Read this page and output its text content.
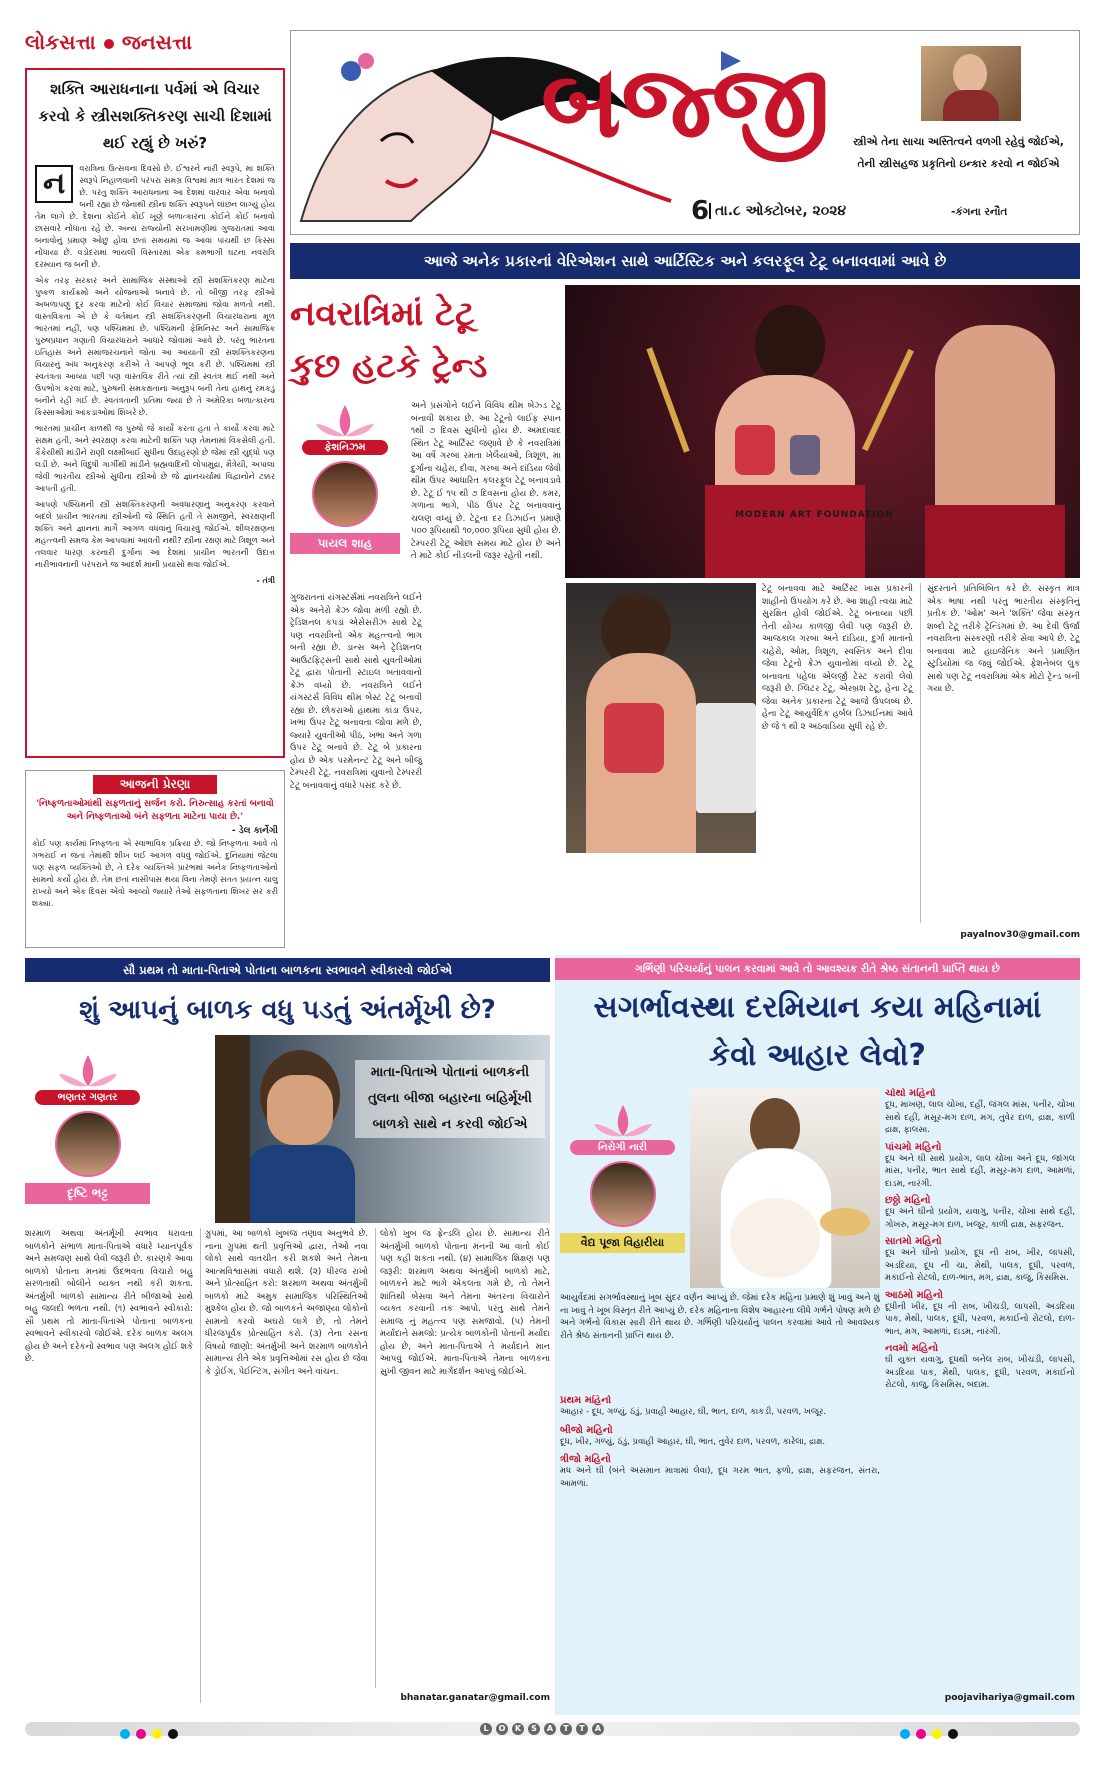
લોકસત્તા જનસત્તા
શક્તિ આરાધનાના પર્વમાં એ વિચાર કરવો કે સ્ત્રીસશક્તિકરણ સાચી દિશામાં થઈ રહ્યું છે ખરું?
ન	વરાત્રિના ઉત્સવના દિવસો છે. ઈશ્વરને નારી સ્વરૂપે, મા શક્તિ સ્વરૂપે નિહાળવાની પરંપરા સમગ્ર વિશ્વમાં માત્ર ભારત દેશમાં જ છે. પરંતુ શક્તિ આરાધનાના આ દેશમાં વારંવાર એવા બનાવો બની રહ્યા છે જેનાથી સ્ત્રીના શક્તિ સ્વરૂપને લાંછન લાગ્યું હોય તેમ લાગે છે. દેશના કોઈને કોઈ ખૂણે બળાત્કારના કોઈને કોઈ બનાવો છાસવારે નોંધાતા રહે છે. અન્ય રાજ્યોની સરખામણીમાં ગુજરાતમાં આવા બનાવોનું પ્રમાણ ઓછું હોવા છતાં સમયમાં જ આવા પાંચથી છ કિસ્સા નોંધાયા છે. વડોદરામાં ભાયલી વિસ્તારમાં એક કમભાગી ઘટના નવરાત્રિ દરમ્યાન જ બની છે.

એક તરફ સરકાર અને સામાજિક સંસ્થાઓ સ્ત્રી સશક્તિકરણ માટેના પુષ્કળ કાર્યક્રમો અને યોજનાઓ બનાવે છે. તો બીજી તરફ સ્ત્રીઓ અબળાપણું દૂર કરવા માટેનો કોઈ વિચાર સમાજમાં જોવા મળતો નથી. વાસ્તવિકતા એ છે કે વર્તમાન સ્ત્રી સશક્તિકરણની વિચારધારાના મૂળ ભારતમાં નહીં, પણ પશ્ચિમમાં છે. પશ્ચિમની ફેમિનિસ્ટ અને સામાજિક પુરુષપ્રધાન ગણાતી વિચારધારાને આધારે જોવામાં આવે છે. પરંતુ ભારતના ઇતિહાસ અને સમાજરચનાને જોતા આ આયાતી સ્ત્રી સશક્તિકરણના વિચારનું અંધ અનુકરણ કરીએ તે આપણે ભૂલ કરી છે. પશ્ચિમમાં સ્ત્રી સ્વતંત્રતા આવ્યા પછી પણ વાસ્તવિક રીતે ત્યાં સ્ત્રી સ્વતંત્ર થઈ નથી અને ઉપભોગ કરવા માટે, પુરુષની સમકક્ષતાના અનુરૂપ બની તેના હાથનું રમકડું બનીને રહી ગઈ છે. સ્વતંત્રતાની પ્રતિમા જ્યાં છે તે અમેરિકા બળાત્કારના કિસ્સાઓમાં આંકડાઓમાં શિખરે છે.

ભારતમાં પ્રાચીન કાળથી જ પુરુષો જે કાર્યો કરતા હતા તે કાર્યો કરવા માટે સક્ષમ હતી, અને સ્વરક્ષણ કરવા માટેની શક્તિ પણ તેમનામાં વિકસેલી હતી. કૈકેયીથી માંડીને રાણી લક્ષ્મીબાઈ સુધીના ઉદાહરણો છે જેમાં સ્ત્રી યુદ્ધો પણ લડી છે. અને વિદુષી ગાર્ગીથી માંડીને બ્રહ્મવાદિની લોપામુદ્રા, મૈત્રેયી, અપાલા જેવી ભારતીય સ્ત્રીઓ સુધીના સ્ત્રીઓ છે જે જ્ઞાનચર્ચામાં વિદ્વાનોને ટક્કર આપતી હતી.

આપણે પશ્ચિમની સ્ત્રી સશક્તિકરણની અવધારણાનું અનુકરણ કરવાને બદલે પ્રાચીન ભારતમાં સ્ત્રીઓની જે સ્થિતિ હતી તે સમજીને, સ્વરક્ષણની શક્તિ અને જ્ઞાનના માર્ગે આગળ વધવાનું વિચારવું જોઈએ. શીલરક્ષણના મહત્ત્વની સમજ કેમ આપવામાં આવતી નથી? સ્ત્રીના રક્ષણ માટે ત્રિશૂળ અને તલવાર ધારણ કરનારી દુર્ગાના આ દેશમાં પ્રાચીન ભારતની ઉદાત્ત નારીભાવનાની પરંપરાને જ આદર્શ માની પ્રયાસો થવા જોઈએ.

- તંત્રી
આજની પ્રેરણા
'નિષ્ફળતાઓમાંથી સફળતાનું સર્જન કરો. નિરુત્સાહ કરતાં બનાવો અને નિષ્ફળતાઓ બંને સફળતા માટેના પાયા છે.'
- ડેલ કાર્નેગી
કોઈ પણ કાર્યમાં નિષ્ફળતા એ સ્વાભાવિક પ્રક્રિયા છે. જો નિષ્ફળતા આવે તો ગભરાઈ ન જતાં તેમાંથી શીખ લઈ આગળ વધવું જોઈએ. દુનિયામાં જેટલા પણ સફળ વ્યક્તિઓ છે, તે દરેક વ્યક્તિએ પ્રારંભમાં અનેક નિષ્ફળતાઓનો સામનો કર્યો હોય છે. તેમ છતાં નાસીપાસ થયા વિના તેમણે સતત પ્રયત્ન ચાલુ રાખ્યો અને એક દિવસ એવો આવ્યો જ્યારે તેઓ સફળતાના શિખર સર કરી શક્યા.
બજ્જી સ્ત્રીએ તેના સાચા અસ્તિત્વને વળગી રહેવું જોઈએ, તેની સ્ત્રીસહજ પ્રકૃતિનો ઇન્કાર કરવો ન જોઈએ
-કંગના રનૌત
6 તા.૮ ઓક્ટોબર, ૨૦૨૪
આજે અનેક પ્રકારનાં વેરિએશન સાથે આર્ટિસ્ટિક અને કલરફૂલ ટેટૂ બનાવવામાં આવે છે
નવરાત્રિમાં ટેટૂ
કુછ હટકે ટ્રેન્ડ
MODERN ART FOUNDATION
ફેશનિઝમ
પાયલ શાહ
ગુજરાતનાં યંગસ્ટર્સમાં નવરાત્રિને લઈને એક અનેરો ક્રેઝ જોવા મળી રહ્યો છે. ટ્રેડિશનલ કપડાં એસેસરીઝ સાથે ટેટૂ પણ નવરાત્રિનો એક મહત્ત્વનો ભાગ બની રહ્યા છે. ડાન્સ અને ટ્રેડિશનલ આઉટફિટ્સની સાથે સાથે યુવતીઓમાં ટેટૂ દ્વારા પોતાની સ્ટાઇલ બતાવવાનો ક્રેઝ વધ્યો છે. નવરાત્રિને લઈને યંગસ્ટર્સ વિવિધ થીમ બેસ્ટ ટેટૂ બનાવી રહ્યા છે. છોકરાઓ હાથમાં કાંડા ઉપર, ખભા ઉપર ટેટૂ બનાવતા જોવા મળે છે, જ્યારે યુવતીઓ પીઠ, ખભા અને ગળા ઉપર ટેટૂ બનાવે છે. ટેટૂ બે પ્રકારના હોય છે એક પરમેનન્ટ ટેટૂ અને બીજું ટેમ્પરરી ટેટૂ. નવરાત્રિમાં યુવાનો ટેમ્પરરી ટેટૂ બનાવવાનું વધારે પસંદ કરે છે.
અને પ્રસંગોને લઈને વિવિધ થીમ બેઝ્ડ ટેટૂ બનાવી શકાય છે. આ ટેટૂનો લાઈફ સ્પાન ૧થી ૭ દિવસ સુધીનો હોય છે. અમદાવાદ સ્થિત ટેટૂ આર્ટિસ્ટ જણાવે છે કે નવરાત્રિમાં આ વર્ષે ગરબા રમતા ખેલૈયાઓ, ત્રિશૂળ, મા દુર્ગાના ચહેરા, દીવા, ગરબા અને દાંડિયા જેવી થીમ ઉપર આધારિત કલરફૂલ ટેટૂ બનાવડાવે છે. ટેટૂ ઈ ૧૫ થી ૭ દિવસના હોય છે. કમર, ગળાના ભાગે, પીઠ ઉપર ટેટૂ બનાવવાનું ચલણ વધ્યું છે. ટેટૂના દર ડિઝાઈન પ્રમાણે ૫૦૦ રૂપિયાથી ૧૦,૦૦૦ રૂપિયા સુધી હોય છે. ટેમ્પરરી ટેટૂ ઓછા સમય માટે હોય છે અને તે માટે કોઈ નીડલની જરૂર રહેતી નથી.
ટેટૂ બનાવવા માટે આર્ટિસ્ટ ખાસ પ્રકારની શાહીનો ઉપયોગ કરે છે. આ શાહી ત્વચા માટે સુરક્ષિત હોવી જોઈએ. ટેટૂ બનાવ્યા પછી તેની યોગ્ય કાળજી લેવી પણ જરૂરી છે. આજકાલ ગરબા અને દાંડિયા, દુર્ગા માતાનો ચહેરો, ઓમ, ત્રિશૂળ, સ્વસ્તિક અને દીવા જેવા ટેટૂનો ક્રેઝ યુવાનોમાં વધ્યો છે. ટેટૂ બનાવતા પહેલા એલર્જી ટેસ્ટ કરાવી લેવો જરૂરી છે. ગ્લિટર ટેટૂ, એરબ્રશ ટેટૂ, હેના ટેટૂ જેવા અનેક પ્રકારના ટેટૂ આજે ઉપલબ્ધ છે. હેના ટેટૂ આયુર્વેદિક હર્બલ ડિઝાઈનમાં આવે છે જે ૧ થી ૨ અઠવાડિયા સુધી રહે છે.
સુંદરતાને પ્રતિબિંબિત કરે છે. સંસ્કૃત માત્ર એક ભાષા નથી પરંતુ ભારતીય સંસ્કૃતિનું પ્રતીક છે. 'ઓમ' અને 'શક્તિ' જેવા સંસ્કૃત શબ્દો ટેટૂ તરીકે ટ્રેન્ડિંગમાં છે. આ દેવી ઉર્જા નવરાત્રિના સંસ્કરણો તરીકે સેવા આપે છે. ટેટૂ બનાવવા માટે હાઇજેનિક અને પ્રમાણિત સ્ટુડિયોમાં જ જવું જોઈએ. ફેશનેબલ લુક સાથે પણ ટેટૂ નવરાત્રિમાં એક મોટો ટ્રેન્ડ બની ગયા છે.
payalnov30@gmail.com
સૌ પ્રથમ તો માતા-પિતાએ પોતાના બાળકના સ્વભાવને સ્વીકારવો જોઈએ
શું આપનું બાળક વધુ પડતું અંતર્મૂખી છે?
માતા-પિતાએ પોતાનાં બાળકની તુલના બીજા બહારના બહિર્મૂખી બાળકો સાથે ન કરવી જોઈએ
ભણતર ગણતર
દૃષ્ટિ ભટ્ટ
શરમાળ અથવા અંતર્મૂખી સ્વભાવ ધરાવતા બાળકોને સંભાળ માતા-પિતાએ વધારે ધ્યાનપૂર્વક અને સમજણ સાથે લેવી જરૂરી છે. કારણકે આવા બાળકો પોતાના મનમાં ઉદભવતા વિચારો બહુ સરળતાથી બોલીને વ્યક્ત નથી કરી શકતા. અંતર્મુખી બાળકો સામાન્ય રીતે બીજાઓ સાથે બહુ જલદી ભળતા નથી. (૧) સ્વભાવને સ્વીકારો: સૌ પ્રથમ તો માતા-પિતાએ પોતાના બાળકના સ્વભાવને સ્વીકારવો જોઈએ. દરેક બાળક અલગ હોય છે અને દરેકનો સ્વભાવ પણ અલગ હોઈ શકે છે.
ગ્રુપમાં, આ બાળકો ખુબજ તણાવ અનુભવે છે. નાના ગ્રુપમાં થતી પ્રવૃત્તિઓ દ્વારા, તેઓ નવા લોકો સાથે વાતચીત કરી શકશે અને તેમના આત્મવિશ્વાસમાં વધારો થશે. (૨) ધીરજ રાખો અને પ્રોત્સાહિત કરો: શરમાળ અથવા અંતર્મુખી બાળકો માટે અમુક સામાજિક પરિસ્થિતિઓ મુશ્કેલ હોય છે. જો બાળકને અજાણ્યા લોકોનો સામનો કરવો અઘરો લાગે છે, તો તેમને ધીરજપૂર્વક પ્રોત્સાહિત કરો. (૩) તેના રસના વિષયો જાણો: અંતર્મુખી અને શરમાળ બાળકોને સામાન્ય રીતે એક પ્રવૃત્તિઓમાં રસ હોય છે જેવા કે ડ્રોઈંગ, પેઈન્ટિંગ, સંગીત અને વાંચન.
લોકો ખુબ જ ફ્રેન્ડલિ હોય છે. સામાન્ય રીતે અંતર્મુખી બાળકો પોતાના મનની આ વાતો કોઈ પણ કહી શકતા નથી. (૪) સામાજિક શિક્ષણ પણ જરૂરી: શરમાળ અથવા અંતર્મુખી બાળકો માટે, બાળકને માટે ભાગે એકલતા ગમે છે, તો તેમને શાંતિથી બેસવા અને તેમના અંતરના વિચારોને વ્યક્ત કરવાની તક આપો. પરંતુ સાથે તેમને સમાજ નું મહત્ત્વ પણ સમજાવો. (૫) તેમની મર્યાદાને સમજો: પ્રત્યેક બાળકોની પોતાની મર્યાદા હોય છે, અને માતા-પિતાએ તે મર્યાદાને માન આપવું જોઈએ. માતા-પિતાએ તેમના બાળકના સુખી જીવન માટે માર્ગદર્શન આપવું જોઈએ.
bhanatar.ganatar@gmail.com
ગર્ભિણી પરિચર્યાનું પાલન કરવામાં આવે તો આવશ્યક રીતે શ્રેષ્ઠ સંતાનની પ્રાપ્તિ થાય છે
સગર્ભાવસ્થા દરમિયાન કયા મહિનામાં કેવો આહાર લેવો?
નિરોગી નારી
વૈદ્ય પૂજા વિહારીયા
આયુર્વેદમાં સગર્ભાવસ્થાનું ખૂબ સુંદર વર્ણન આપ્યું છે. જેમાં દરેક મહિના પ્રમાણે શું ખાવું અને શું ના ખાવું તે ખૂબ વિસ્તૃત રીતે આપ્યું છે. દરેક મહિનાના વિશેષ આહારના લીધે ગર્ભને પોષણ મળે છે અને ગર્ભનો વિકાસ સારી રીતે થાય છે. ગર્ભિણી પરિચર્યાનું પાલન કરવામાં આવે તો આવશ્યક રીતે શ્રેષ્ઠ સંતાનની પ્રાપ્તિ થાય છે.
પ્રથમ મહિનો
આહાર - દૂધ, ગળ્યું, ઠંડું, પ્રવાહી આહાર, ઘી, ભાત, દાળ, કાકડી, પરવળ, ખજૂર.
બીજો મહિનો
દૂધ, ખીર, ગળ્યું, ઠંડું, પ્રવાહી આહાર, ઘી, ભાત, તુવેર દાળ, પરવળ, કારેલા, દ્રાક્ષ.
ત્રીજો મહિનો
મધ અને ઘી (બંને અસમાન માત્રામાં લેવા), દૂધ ગરમ ભાત, ફળો, દ્રાક્ષ, સફરજન, સંતરા, આમળાં.
ચોથો મહિનો
દૂધ, માખણ, લાલ ચોખા, દહીં, જંગલ માંસ, પનીર, ચોખા સાથે દહીં, મસૂર-મગ દાળ, મગ, તુવેર દાળ, દ્રાક્ષ, કાળી દ્રાક્ષ, ફાલસા.
પાંચમો મહિનો
દૂધ અને ઘી સાથે પ્રયોગ, લાલ ચોખા અને દૂધ, જાંગલ માંસ, પનીર, ભાત સાથે દહીં, મસૂર-મગ દાળ, આમળાં, દાડમ, નારંગી.
છઠ્ઠો મહિનો
દૂધ અને ઘીનો પ્રયોગ, યવાગુ, પનીર, ચોખા સાથે દહીં, ગોખરુ, મસૂર-મગ દાળ, ખજૂર, કાળી દ્રાક્ષ, સફરજન.
સાતમો મહિનો
દૂધ અને ઘીનો પ્રયોગ, દૂધ ની રાબ, ખીર, લાપસી, અડદિયા, દૂધ ની ચા, મેથી, પાલક, દૂધી, પરવળ, મકાઈનો રોટલો, દાળ-ભાત, મગ, દ્રાક્ષ, કાજુ, કિસમિસ.
આઠમો મહિનો
દૂધીની ખીર, દૂધ ની રાબ, ખીચડી, લાપસી, અડદિયા પાક, મેથી, પાલક, દૂધી, પરવળ, મકાઈનો રોટલો, દાળ-ભાત, મગ, આમળાં, દાડમ, નારંગી.
નવમો મહિનો
ઘી યુક્ત યવાગુ, દૂધથી બનેલ રાબ, ખીચડી, લાપસી, અડદિયા પાક, મેથી, પાલક, દૂધી, પરવળ, મકાઈનો રોટલો, કાજુ, કિસમિસ, બદામ.
poojavihariya@gmail.com
L O K S A T T A
